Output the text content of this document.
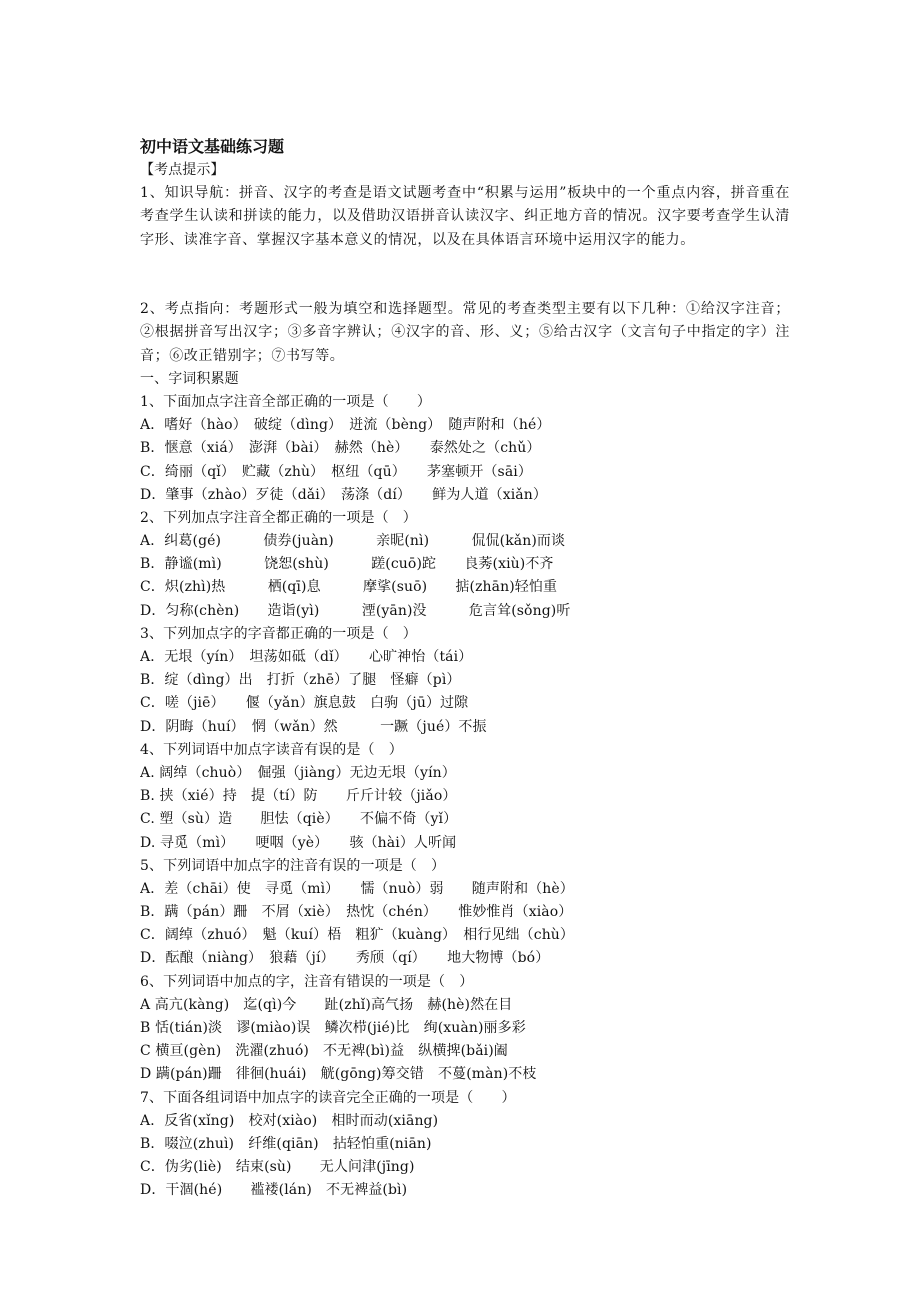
初中语文基础练习题
【考点提示】

1、知识导航：拼音、汉字的考查是语文试题考查中“积累与运用”板块中的一个重点内容，拼音重在考查学生认读和拼读的能力，以及借助汉语拼音认读汉字、纠正地方音的情况。汉字要考查学生认清字形、读准字音、掌握汉字基本意义的情况，以及在具体语言环境中运用汉字的能力。

2、考点指向：考题形式一般为填空和选择题型。常见的考查类型主要有以下几种：①给汉字注音；②根据拼音写出汉字；③多音字辨认；④汉字的音、形、义；⑤给古汉字（文言句子中指定的字）注音；⑥改正错别字；⑦书写等。

一、字词积累题
1、下面加点字注音全部正确的一项是（　　）
A．嗜好（hào）　破绽（dìng）　迸流（bèng）　随声附和（hé）
B．惬意（xiá）　澎湃（bài）　赫然（hè）　　泰然处之（chǔ）
C．绮丽（qǐ）　贮藏（zhù）　枢纽（qū）　　茅塞顿开（sāi）
D．肇事（zhào）歹徒（dǎi）　荡涤（dí）　　鲜为人道（xiǎn）
2、下列加点字注音全都正确的一项是（　）
A．纠葛(gé)　　　债券(juàn)　　　亲昵(nì)　　　侃侃(kǎn)而谈
B．静谧(mì)　　　饶恕(shù)　　　蹉(cuō)跎　　良莠(xiù)不齐
C．炽(zhì)热　　　栖(qī)息　　　摩挲(suō)　　掂(zhān)轻怕重
D．匀称(chèn)　　造诣(yì)　　　湮(yān)没　　　危言耸(sǒng)听
3、下列加点字的字音都正确的一项是（　）
A．无垠（yín）　坦荡如砥（dǐ）　　心旷神怡（tái）
B．绽（dìng）出　打折（zhē）了腿　怪癖（pì）
C．嗟（jiē）　　偃（yǎn）旗息鼓　白驹（jū）过隙
D．阴晦（huí）　惘（wǎn）然　　　一蹶（jué）不振
4、下列词语中加点字读音有误的是（　）
A. 阔绰（chuò）　倔强（jiàng）无边无垠（yín）
B. 挟（xié）持　提（tí）防　　斤斤计较（jiǎo）
C. 塑（sù）造　　胆怯（qiè）　　不偏不倚（yǐ）
D. 寻觅（mì）　　哽咽（yè）　　骇（hài）人听闻
5、下列词语中加点字的注音有误的一项是（　）
A．差（chāi）使　寻觅（mì）　　懦（nuò）弱　　随声附和（hè）
B．蹒（pán）跚　不屑（xiè）　热忱（chén）　　惟妙惟肖（xiào）
C．阔绰（zhuó）　魁（kuí）梧　粗犷（kuàng）　相行见绌（chù）
D．酝酿（niàng）　狼藉（jí）　　秀颀（qí）　　地大物博（bó）
6、下列词语中加点的字，注音有错误的一项是（　）
A 高亢(kàng)　迄(qì)今　　趾(zhǐ)高气扬　赫(hè)然在目
B 恬(tián)淡　谬(miào)误　鳞次栉(jié)比　绚(xuàn)丽多彩
C 横亘(gèn)　洗濯(zhuó)　不无裨(bì)益　纵横捭(bǎi)阖
D 蹒(pán)跚　徘徊(huái)　觥(gōng)筹交错　不蔓(màn)不枝
7、下面各组词语中加点字的读音完全正确的一项是（　　）
A．反省(xǐng)　校对(xiào)　相时而动(xiāng)
B．啜泣(zhuì)　纤维(qiān)　拈轻怕重(niān)
C．伪劣(liè)　结束(sù)　　无人问津(jīng)
D．干涸(hé)　　褴褛(lán)　不无裨益(bì)
